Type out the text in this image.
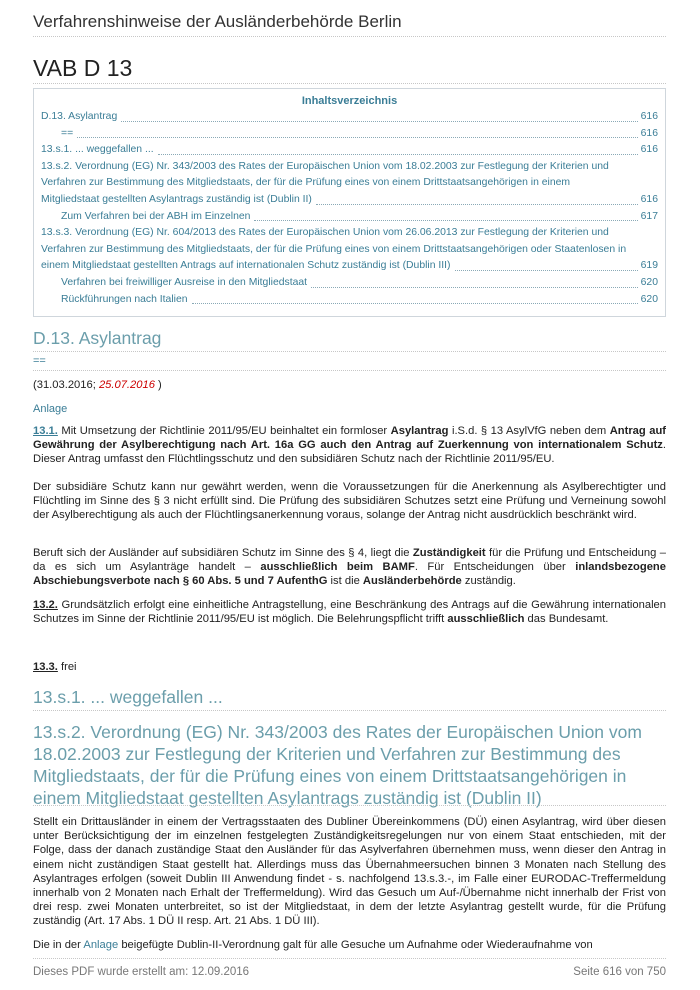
Verfahrenshinweise der Ausländerbehörde Berlin
VAB D 13
Inhaltsverzeichnis
D.13. Asylantrag	616
==	616
13.s.1. ... weggefallen ...	616
13.s.2. Verordnung (EG) Nr. 343/2003 des Rates der Europäischen Union vom 18.02.2003 zur Festlegung der Kriterien und
Verfahren zur Bestimmung des Mitgliedstaats, der für die Prüfung eines von einem Drittstaatsangehörigen in einem
Mitgliedstaat gestellten Asylantrags zuständig ist (Dublin II)	616
Zum Verfahren bei der ABH im Einzelnen	617
13.s.3. Verordnung (EG) Nr. 604/2013 des Rates der Europäischen Union vom 26.06.2013 zur Festlegung der Kriterien und
Verfahren zur Bestimmung des Mitgliedstaats, der für die Prüfung eines von einem Drittstaatsangehörigen oder Staatenlosen in
einem Mitgliedstaat gestellten Antrags auf internationalen Schutz zuständig ist (Dublin III)	619
Verfahren bei freiwilliger Ausreise in den Mitgliedstaat	620
Rückführungen nach Italien	620
D.13. Asylantrag
==
(31.03.2016; 25.07.2016 )
Anlage
13.1. Mit Umsetzung der Richtlinie 2011/95/EU beinhaltet ein formloser Asylantrag i.S.d. § 13 AsylVfG neben dem Antrag auf Gewährung der Asylberechtigung nach Art. 16a GG auch den Antrag auf Zuerkennung von internationalem Schutz. Dieser Antrag umfasst den Flüchtlingsschutz und den subsidiären Schutz nach der Richtlinie 2011/95/EU.
Der subsidiäre Schutz kann nur gewährt werden, wenn die Voraussetzungen für die Anerkennung als Asylberechtigter und Flüchtling im Sinne des § 3 nicht erfüllt sind. Die Prüfung des subsidiären Schutzes setzt eine Prüfung und Verneinung sowohl der Asylberechtigung als auch der Flüchtlingsanerkennung voraus, solange der Antrag nicht ausdrücklich beschränkt wird.
Beruft sich der Ausländer auf subsidiären Schutz im Sinne des § 4, liegt die Zuständigkeit für die Prüfung und Entscheidung – da es sich um Asylanträge handelt – ausschließlich beim BAMF. Für Entscheidungen über inlandsbezogene Abschiebungsverbote nach § 60 Abs. 5 und 7 AufenthG ist die Ausländerbehörde zuständig.
13.2. Grundsätzlich erfolgt eine einheitliche Antragstellung, eine Beschränkung des Antrags auf die Gewährung internationalen Schutzes im Sinne der Richtlinie 2011/95/EU ist möglich. Die Belehrungspflicht trifft ausschließlich das Bundesamt.
13.3. frei
13.s.1. ... weggefallen ...
13.s.2. Verordnung (EG) Nr. 343/2003 des Rates der Europäischen Union vom 18.02.2003 zur Festlegung der Kriterien und Verfahren zur Bestimmung des Mitgliedstaats, der für die Prüfung eines von einem Drittstaatsangehörigen in einem Mitgliedstaat gestellten Asylantrags zuständig ist (Dublin II)
Stellt ein Drittausländer in einem der Vertragsstaaten des Dubliner Übereinkommens (DÜ) einen Asylantrag, wird über diesen unter Berücksichtigung der im einzelnen festgelegten Zuständigkeitsregelungen nur von einem Staat entschieden, mit der Folge, dass der danach zuständige Staat den Ausländer für das Asylverfahren übernehmen muss, wenn dieser den Antrag in einem nicht zuständigen Staat gestellt hat. Allerdings muss das Übernahmeersuchen binnen 3 Monaten nach Stellung des Asylantrages erfolgen (soweit Dublin III Anwendung findet - s. nachfolgend 13.s.3.-, im Falle einer EURODAC-Treffermeldung innerhalb von 2 Monaten nach Erhalt der Treffermeldung). Wird das Gesuch um Auf-/Übernahme nicht innerhalb der Frist von drei resp. zwei Monaten unterbreitet, so ist der Mitgliedstaat, in dem der letzte Asylantrag gestellt wurde, für die Prüfung zuständig (Art. 17 Abs. 1 DÜ II resp. Art. 21 Abs. 1 DÜ III).
Die in der Anlage beigefügte Dublin-II-Verordnung galt für alle Gesuche um Aufnahme oder Wiederaufnahme von
Dieses PDF wurde erstellt am: 12.09.2016	Seite 616 von 750
